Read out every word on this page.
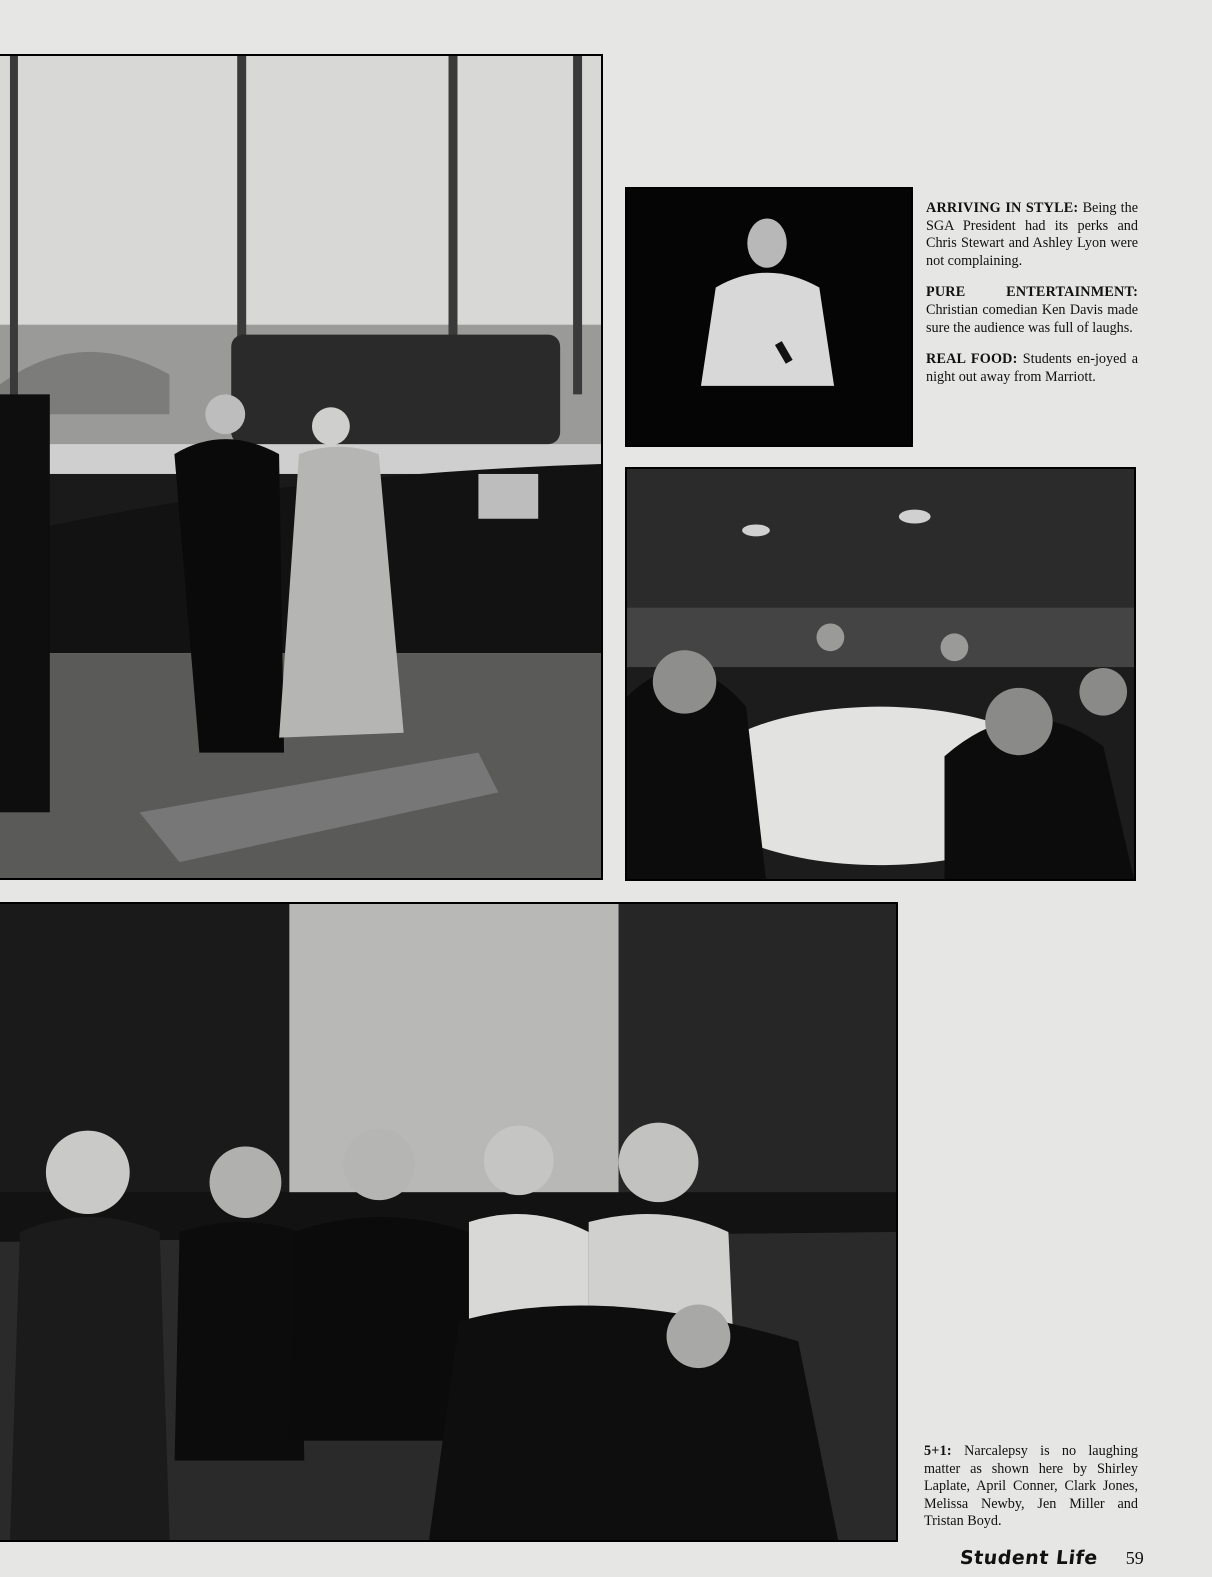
ARRIVING IN STYLE: Being the SGA President had its perks and Chris Stewart and Ashley Lyon were not complaining.

PURE ENTERTAINMENT: Christian comedian Ken Davis made sure the audience was full of laughs.

REAL FOOD: Students en-joyed a night out away from Marriott.

5+1: Narcalepsy is no laughing matter as shown here by Shirley Laplate, April Conner, Clark Jones, Melissa Newby, Jen Miller and Tristan Boyd.

Student Life 59
